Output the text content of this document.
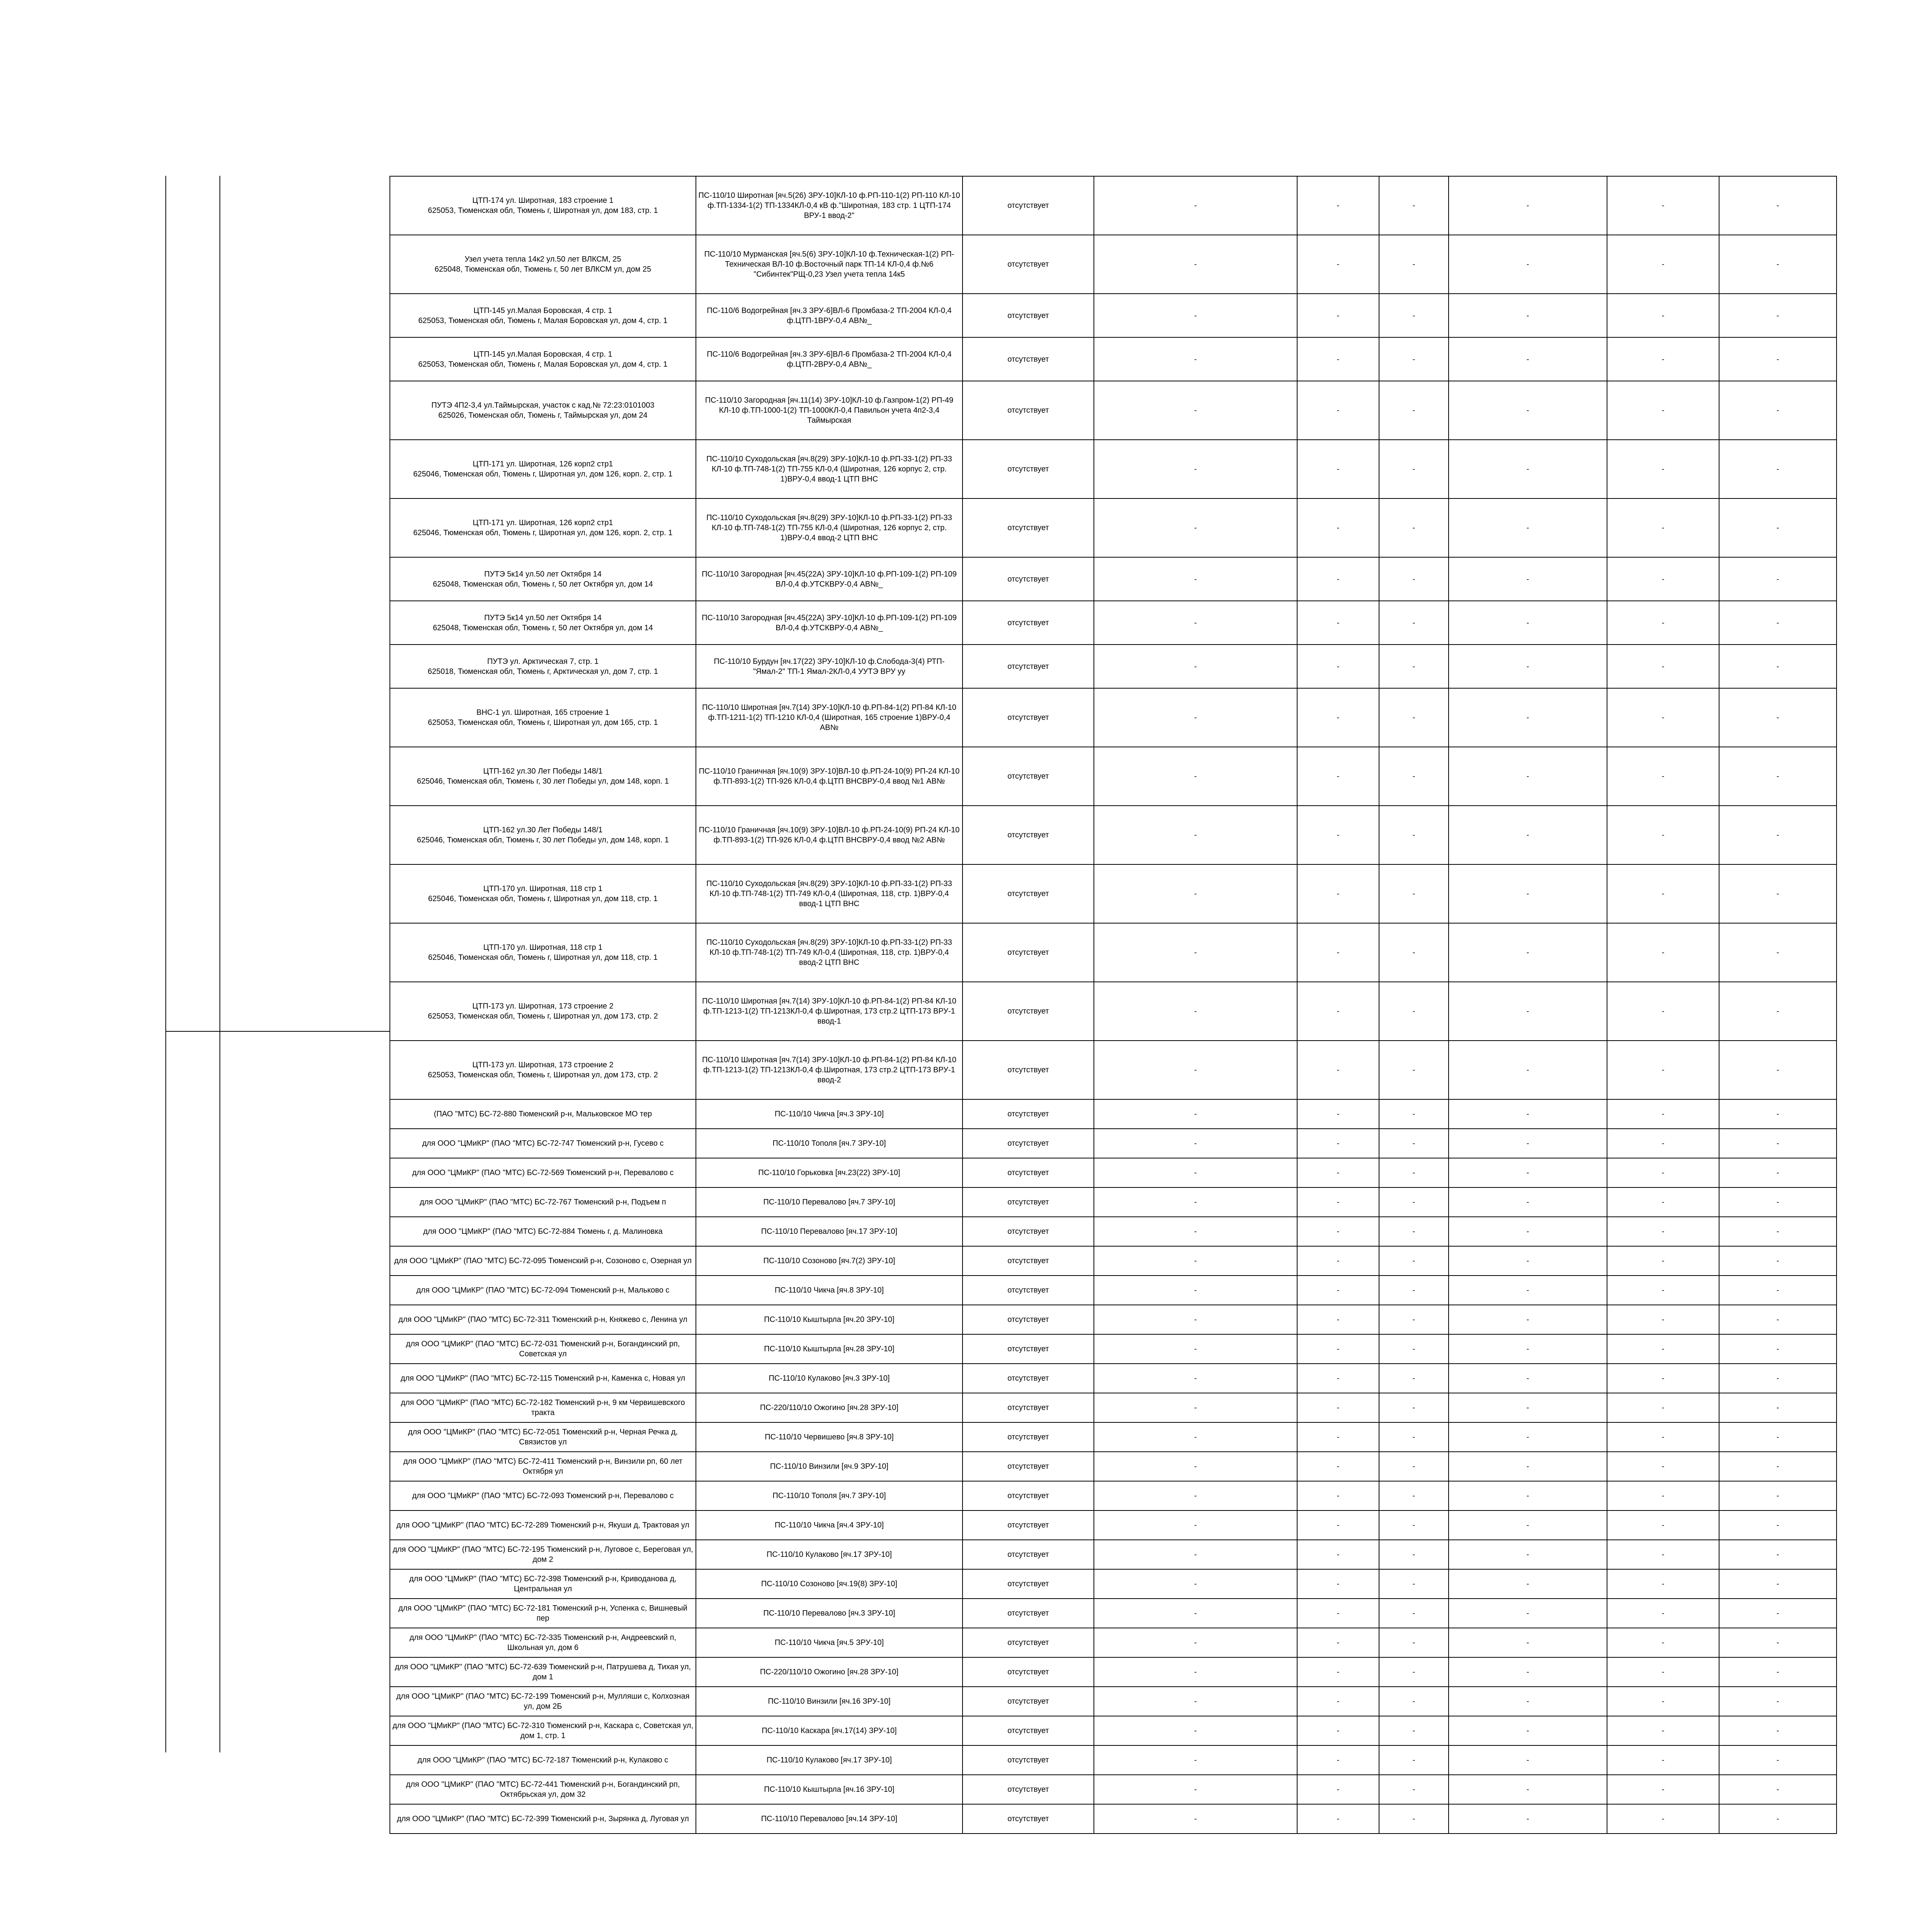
ЦТП-174 ул. Широтная, 183 строение 1
625053, Тюменская обл, Тюмень г, Широтная ул, дом 183, стр. 1	ПС-110/10 Широтная [яч.5(26) ЗРУ-10]КЛ-10 ф.РП-110-1(2) РП-110 КЛ-10 ф.ТП-1334-1(2) ТП-1334КЛ-0,4 кВ ф."Широтная, 183 стр. 1 ЦТП-174 ВРУ-1 ввод-2"	отсутствует	-	-	-	-	-	-

Узел учета тепла 14к2 ул.50 лет ВЛКСМ, 25
625048, Тюменская обл, Тюмень г, 50 лет ВЛКСМ ул, дом 25	ПС-110/10 Мурманская [яч.5(6) ЗРУ-10]КЛ-10 ф.Техническая-1(2) РП-Техническая ВЛ-10 ф.Восточный парк ТП-14 КЛ-0,4 ф.№6 "Сибинтек"РЩ-0,23 Узел учета тепла 14к5	отсутствует	-	-	-	-	-	-

ЦТП-145 ул.Малая Боровская, 4 стр. 1
625053, Тюменская обл, Тюмень г, Малая Боровская ул, дом 4, стр. 1	ПС-110/6 Водогрейная [яч.3 ЗРУ-6]ВЛ-6 Промбаза-2 ТП-2004 КЛ-0,4 ф.ЦТП-1ВРУ-0,4 АВ№_	отсутствует	-	-	-	-	-	-

ЦТП-145 ул.Малая Боровская, 4 стр. 1
625053, Тюменская обл, Тюмень г, Малая Боровская ул, дом 4, стр. 1	ПС-110/6 Водогрейная [яч.3 ЗРУ-6]ВЛ-6 Промбаза-2 ТП-2004 КЛ-0,4 ф.ЦТП-2ВРУ-0,4 АВ№_	отсутствует	-	-	-	-	-	-

ПУТЭ 4П2-3,4 ул.Таймырская, участок с кад.№ 72:23:0101003
625026, Тюменская обл, Тюмень г, Таймырская ул, дом 24	ПС-110/10 Загородная [яч.11(14) ЗРУ-10]КЛ-10 ф.Газпром-1(2) РП-49 КЛ-10 ф.ТП-1000-1(2) ТП-1000КЛ-0,4 Павильон учета 4п2-3,4 Таймырская	отсутствует	-	-	-	-	-	-

ЦТП-171 ул. Широтная, 126 корп2 стр1
625046, Тюменская обл, Тюмень г, Широтная ул, дом 126, корп. 2, стр. 1	ПС-110/10 Суходольская [яч.8(29) ЗРУ-10]КЛ-10 ф.РП-33-1(2) РП-33 КЛ-10 ф.ТП-748-1(2) ТП-755 КЛ-0,4 (Широтная, 126 корпус 2, стр. 1)ВРУ-0,4 ввод-1 ЦТП ВНС	отсутствует	-	-	-	-	-	-

ЦТП-171 ул. Широтная, 126 корп2 стр1
625046, Тюменская обл, Тюмень г, Широтная ул, дом 126, корп. 2, стр. 1	ПС-110/10 Суходольская [яч.8(29) ЗРУ-10]КЛ-10 ф.РП-33-1(2) РП-33 КЛ-10 ф.ТП-748-1(2) ТП-755 КЛ-0,4 (Широтная, 126 корпус 2, стр. 1)ВРУ-0,4 ввод-2 ЦТП ВНС	отсутствует	-	-	-	-	-	-

ПУТЭ 5к14 ул.50 лет Октября 14
625048, Тюменская обл, Тюмень г, 50 лет Октября ул, дом 14	ПС-110/10 Загородная [яч.45(22А) ЗРУ-10]КЛ-10 ф.РП-109-1(2) РП-109 ВЛ-0,4 ф.УТСКВРУ-0,4 АВ№_	отсутствует	-	-	-	-	-	-

ПУТЭ 5к14 ул.50 лет Октября 14
625048, Тюменская обл, Тюмень г, 50 лет Октября ул, дом 14	ПС-110/10 Загородная [яч.45(22А) ЗРУ-10]КЛ-10 ф.РП-109-1(2) РП-109 ВЛ-0,4 ф.УТСКВРУ-0,4 АВ№_	отсутствует	-	-	-	-	-	-

ПУТЭ ул. Арктическая 7, стр. 1
625018, Тюменская обл, Тюмень г, Арктическая ул, дом 7, стр. 1	ПС-110/10 Бурдун [яч.17(22) ЗРУ-10]КЛ-10 ф.Слобода-3(4) РТП-"Ямал-2" ТП-1 Ямал-2КЛ-0,4 УУТЭ ВРУ уу	отсутствует	-	-	-	-	-	-

ВНС-1 ул. Широтная, 165 строение 1
625053, Тюменская обл, Тюмень г, Широтная ул, дом 165, стр. 1	ПС-110/10 Широтная [яч.7(14) ЗРУ-10]КЛ-10 ф.РП-84-1(2) РП-84 КЛ-10 ф.ТП-1211-1(2) ТП-1210 КЛ-0,4 (Широтная, 165 строение 1)ВРУ-0,4 АВ№	отсутствует	-	-	-	-	-	-

ЦТП-162 ул.30 Лет Победы 148/1
625046, Тюменская обл, Тюмень г, 30 лет Победы ул, дом 148, корп. 1	ПС-110/10 Граничная [яч.10(9) ЗРУ-10]ВЛ-10 ф.РП-24-10(9) РП-24 КЛ-10 ф.ТП-893-1(2) ТП-926 КЛ-0,4 ф.ЦТП ВНСВРУ-0,4 ввод №1 АВ№	отсутствует	-	-	-	-	-	-

ЦТП-162 ул.30 Лет Победы 148/1
625046, Тюменская обл, Тюмень г, 30 лет Победы ул, дом 148, корп. 1	ПС-110/10 Граничная [яч.10(9) ЗРУ-10]ВЛ-10 ф.РП-24-10(9) РП-24 КЛ-10 ф.ТП-893-1(2) ТП-926 КЛ-0,4 ф.ЦТП ВНСВРУ-0,4 ввод №2 АВ№	отсутствует	-	-	-	-	-	-

ЦТП-170 ул. Широтная, 118 стр 1
625046, Тюменская обл, Тюмень г, Широтная ул, дом 118, стр. 1	ПС-110/10 Суходольская [яч.8(29) ЗРУ-10]КЛ-10 ф.РП-33-1(2) РП-33 КЛ-10 ф.ТП-748-1(2) ТП-749 КЛ-0,4 (Широтная, 118, стр. 1)ВРУ-0,4 ввод-1 ЦТП ВНС	отсутствует	-	-	-	-	-	-

ЦТП-170 ул. Широтная, 118 стр 1
625046, Тюменская обл, Тюмень г, Широтная ул, дом 118, стр. 1	ПС-110/10 Суходольская [яч.8(29) ЗРУ-10]КЛ-10 ф.РП-33-1(2) РП-33 КЛ-10 ф.ТП-748-1(2) ТП-749 КЛ-0,4 (Широтная, 118, стр. 1)ВРУ-0,4 ввод-2 ЦТП ВНС	отсутствует	-	-	-	-	-	-

ЦТП-173 ул. Широтная, 173 строение 2
625053, Тюменская обл, Тюмень г, Широтная ул, дом 173, стр. 2	ПС-110/10 Широтная [яч.7(14) ЗРУ-10]КЛ-10 ф.РП-84-1(2) РП-84 КЛ-10 ф.ТП-1213-1(2) ТП-1213КЛ-0,4 ф.Широтная, 173 стр.2 ЦТП-173 ВРУ-1 ввод-1	отсутствует	-	-	-	-	-	-

ЦТП-173 ул. Широтная, 173 строение 2
625053, Тюменская обл, Тюмень г, Широтная ул, дом 173, стр. 2	ПС-110/10 Широтная [яч.7(14) ЗРУ-10]КЛ-10 ф.РП-84-1(2) РП-84 КЛ-10 ф.ТП-1213-1(2) ТП-1213КЛ-0,4 ф.Широтная, 173 стр.2 ЦТП-173 ВРУ-1 ввод-2	отсутствует	-	-	-	-	-	-

(ПАО "МТС) БС-72-880 Тюменский р-н, Мальковское МО тер	ПС-110/10 Чикча [яч.3 ЗРУ-10]	отсутствует	-	-	-	-	-	-

для ООО "ЦМиКР" (ПАО "МТС) БС-72-747 Тюменский р-н, Гусево с	ПС-110/10 Тополя [яч.7 ЗРУ-10]	отсутствует	-	-	-	-	-	-

для ООО "ЦМиКР" (ПАО "МТС) БС-72-569 Тюменский р-н, Перевалово с	ПС-110/10 Горьковка [яч.23(22) ЗРУ-10]	отсутствует	-	-	-	-	-	-

для ООО "ЦМиКР" (ПАО "МТС) БС-72-767 Тюменский р-н, Подъем п	ПС-110/10 Перевалово [яч.7 ЗРУ-10]	отсутствует	-	-	-	-	-	-

для ООО "ЦМиКР" (ПАО "МТС) БС-72-884 Тюмень г, д. Малиновка	ПС-110/10 Перевалово [яч.17 ЗРУ-10]	отсутствует	-	-	-	-	-	-

для ООО "ЦМиКР" (ПАО "МТС) БС-72-095 Тюменский р-н, Созоново с, Озерная ул	ПС-110/10 Созоново [яч.7(2) ЗРУ-10]	отсутствует	-	-	-	-	-	-

для ООО "ЦМиКР" (ПАО "МТС) БС-72-094 Тюменский р-н, Мальково с	ПС-110/10 Чикча [яч.8 ЗРУ-10]	отсутствует	-	-	-	-	-	-

для ООО "ЦМиКР" (ПАО "МТС) БС-72-311 Тюменский р-н, Княжево с, Ленина ул	ПС-110/10 Кыштырла [яч.20 ЗРУ-10]	отсутствует	-	-	-	-	-	-

для ООО "ЦМиКР" (ПАО "МТС) БС-72-031 Тюменский р-н, Богандинский рп, Советская ул	ПС-110/10 Кыштырла [яч.28 ЗРУ-10]	отсутствует	-	-	-	-	-	-

для ООО "ЦМиКР" (ПАО "МТС) БС-72-115 Тюменский р-н, Каменка с, Новая ул	ПС-110/10 Кулаково [яч.3 ЗРУ-10]	отсутствует	-	-	-	-	-	-

для ООО "ЦМиКР" (ПАО "МТС) БС-72-182 Тюменский р-н, 9 км Червишевского тракта	ПС-220/110/10 Ожогино [яч.28 ЗРУ-10]	отсутствует	-	-	-	-	-	-

для ООО "ЦМиКР" (ПАО "МТС) БС-72-051 Тюменский р-н, Черная Речка д, Связистов ул	ПС-110/10 Червишево [яч.8 ЗРУ-10]	отсутствует	-	-	-	-	-	-

для ООО "ЦМиКР" (ПАО "МТС) БС-72-411 Тюменский р-н, Винзили рп, 60 лет Октября ул	ПС-110/10 Винзили [яч.9 ЗРУ-10]	отсутствует	-	-	-	-	-	-

для ООО "ЦМиКР" (ПАО "МТС) БС-72-093 Тюменский р-н, Перевалово с	ПС-110/10 Тополя [яч.7 ЗРУ-10]	отсутствует	-	-	-	-	-	-

для ООО "ЦМиКР" (ПАО "МТС) БС-72-289 Тюменский р-н, Якуши д, Трактовая ул	ПС-110/10 Чикча [яч.4 ЗРУ-10]	отсутствует	-	-	-	-	-	-

для ООО "ЦМиКР" (ПАО "МТС) БС-72-195 Тюменский р-н, Луговое с, Береговая ул, дом 2	ПС-110/10 Кулаково [яч.17 ЗРУ-10]	отсутствует	-	-	-	-	-	-

для ООО "ЦМиКР" (ПАО "МТС) БС-72-398 Тюменский р-н, Криводанова д, Центральная ул	ПС-110/10 Созоново [яч.19(8) ЗРУ-10]	отсутствует	-	-	-	-	-	-

для ООО "ЦМиКР" (ПАО "МТС) БС-72-181 Тюменский р-н, Успенка с, Вишневый пер	ПС-110/10 Перевалово [яч.3 ЗРУ-10]	отсутствует	-	-	-	-	-	-

для ООО "ЦМиКР" (ПАО "МТС) БС-72-335 Тюменский р-н, Андреевский п, Школьная ул, дом 6	ПС-110/10 Чикча [яч.5 ЗРУ-10]	отсутствует	-	-	-	-	-	-

для ООО "ЦМиКР" (ПАО "МТС) БС-72-639 Тюменский р-н, Патрушева д, Тихая ул, дом 1	ПС-220/110/10 Ожогино [яч.28 ЗРУ-10]	отсутствует	-	-	-	-	-	-

для ООО "ЦМиКР" (ПАО "МТС) БС-72-199 Тюменский р-н, Мулляши с, Колхозная ул, дом 2Б	ПС-110/10 Винзили [яч.16 ЗРУ-10]	отсутствует	-	-	-	-	-	-

для ООО "ЦМиКР" (ПАО "МТС) БС-72-310 Тюменский р-н, Каскара с, Советская ул, дом 1, стр. 1	ПС-110/10 Каскара [яч.17(14) ЗРУ-10]	отсутствует	-	-	-	-	-	-

для ООО "ЦМиКР" (ПАО "МТС) БС-72-187 Тюменский р-н, Кулаково с	ПС-110/10 Кулаково [яч.17 ЗРУ-10]	отсутствует	-	-	-	-	-	-

для ООО "ЦМиКР" (ПАО "МТС) БС-72-441 Тюменский р-н, Богандинский рп, Октябрьская ул, дом 32	ПС-110/10 Кыштырла [яч.16 ЗРУ-10]	отсутствует	-	-	-	-	-	-

для ООО "ЦМиКР" (ПАО "МТС) БС-72-399 Тюменский р-н, Зырянка д, Луговая ул	ПС-110/10 Перевалово [яч.14 ЗРУ-10]	отсутствует	-	-	-	-	-	-
